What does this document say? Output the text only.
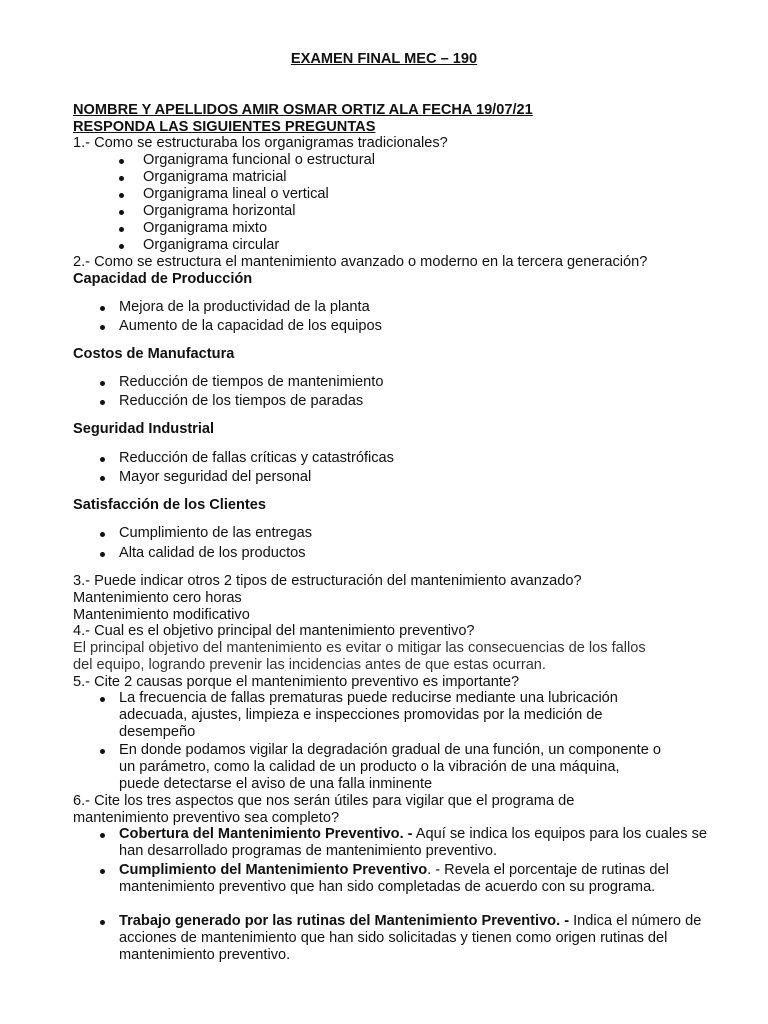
EXAMEN FINAL MEC – 190
NOMBRE Y APELLIDOS AMIR OSMAR ORTIZ ALA FECHA 19/07/21
RESPONDA LAS SIGUIENTES PREGUNTAS
1.- Como se estructuraba los organigramas tradicionales?
Organigrama funcional o estructural
Organigrama matricial
Organigrama lineal o vertical
Organigrama horizontal
Organigrama mixto
Organigrama circular
2.- Como se estructura el mantenimiento avanzado o moderno en la tercera generación?
Capacidad de Producción
Mejora de la productividad de la planta
Aumento de la capacidad de los equipos
Costos de Manufactura
Reducción de tiempos de mantenimiento
Reducción de los tiempos de paradas
Seguridad Industrial
Reducción de fallas críticas y catastróficas
Mayor seguridad del personal
Satisfacción de los Clientes
Cumplimiento de las entregas
Alta calidad de los productos
3.- Puede indicar otros 2 tipos de estructuración del mantenimiento avanzado?
Mantenimiento cero horas
Mantenimiento modificativo
4.- Cual es el objetivo principal del mantenimiento preventivo?
El principal objetivo del mantenimiento es evitar o mitigar las consecuencias de los fallos
del equipo, logrando prevenir las incidencias antes de que estas ocurran.
5.- Cite 2 causas porque el mantenimiento preventivo es importante?
La frecuencia de fallas prematuras puede reducirse mediante una lubricación
adecuada, ajustes, limpieza e inspecciones promovidas por la medición de
desempeño
En donde podamos vigilar la degradación gradual de una función, un componente o
un parámetro, como la calidad de un producto o la vibración de una máquina,
puede detectarse el aviso de una falla inminente
6.- Cite los tres aspectos que nos serán útiles para vigilar que el programa de
mantenimiento preventivo sea completo?
Cobertura del Mantenimiento Preventivo. - Aquí se indica los equipos para los cuales se han desarrollado programas de mantenimiento preventivo.
Cumplimiento del Mantenimiento Preventivo. - Revela el porcentaje de rutinas del mantenimiento preventivo que han sido completadas de acuerdo con su programa.
Trabajo generado por las rutinas del Mantenimiento Preventivo. - Indica el número de acciones de mantenimiento que han sido solicitadas y tienen como origen rutinas del mantenimiento preventivo.
